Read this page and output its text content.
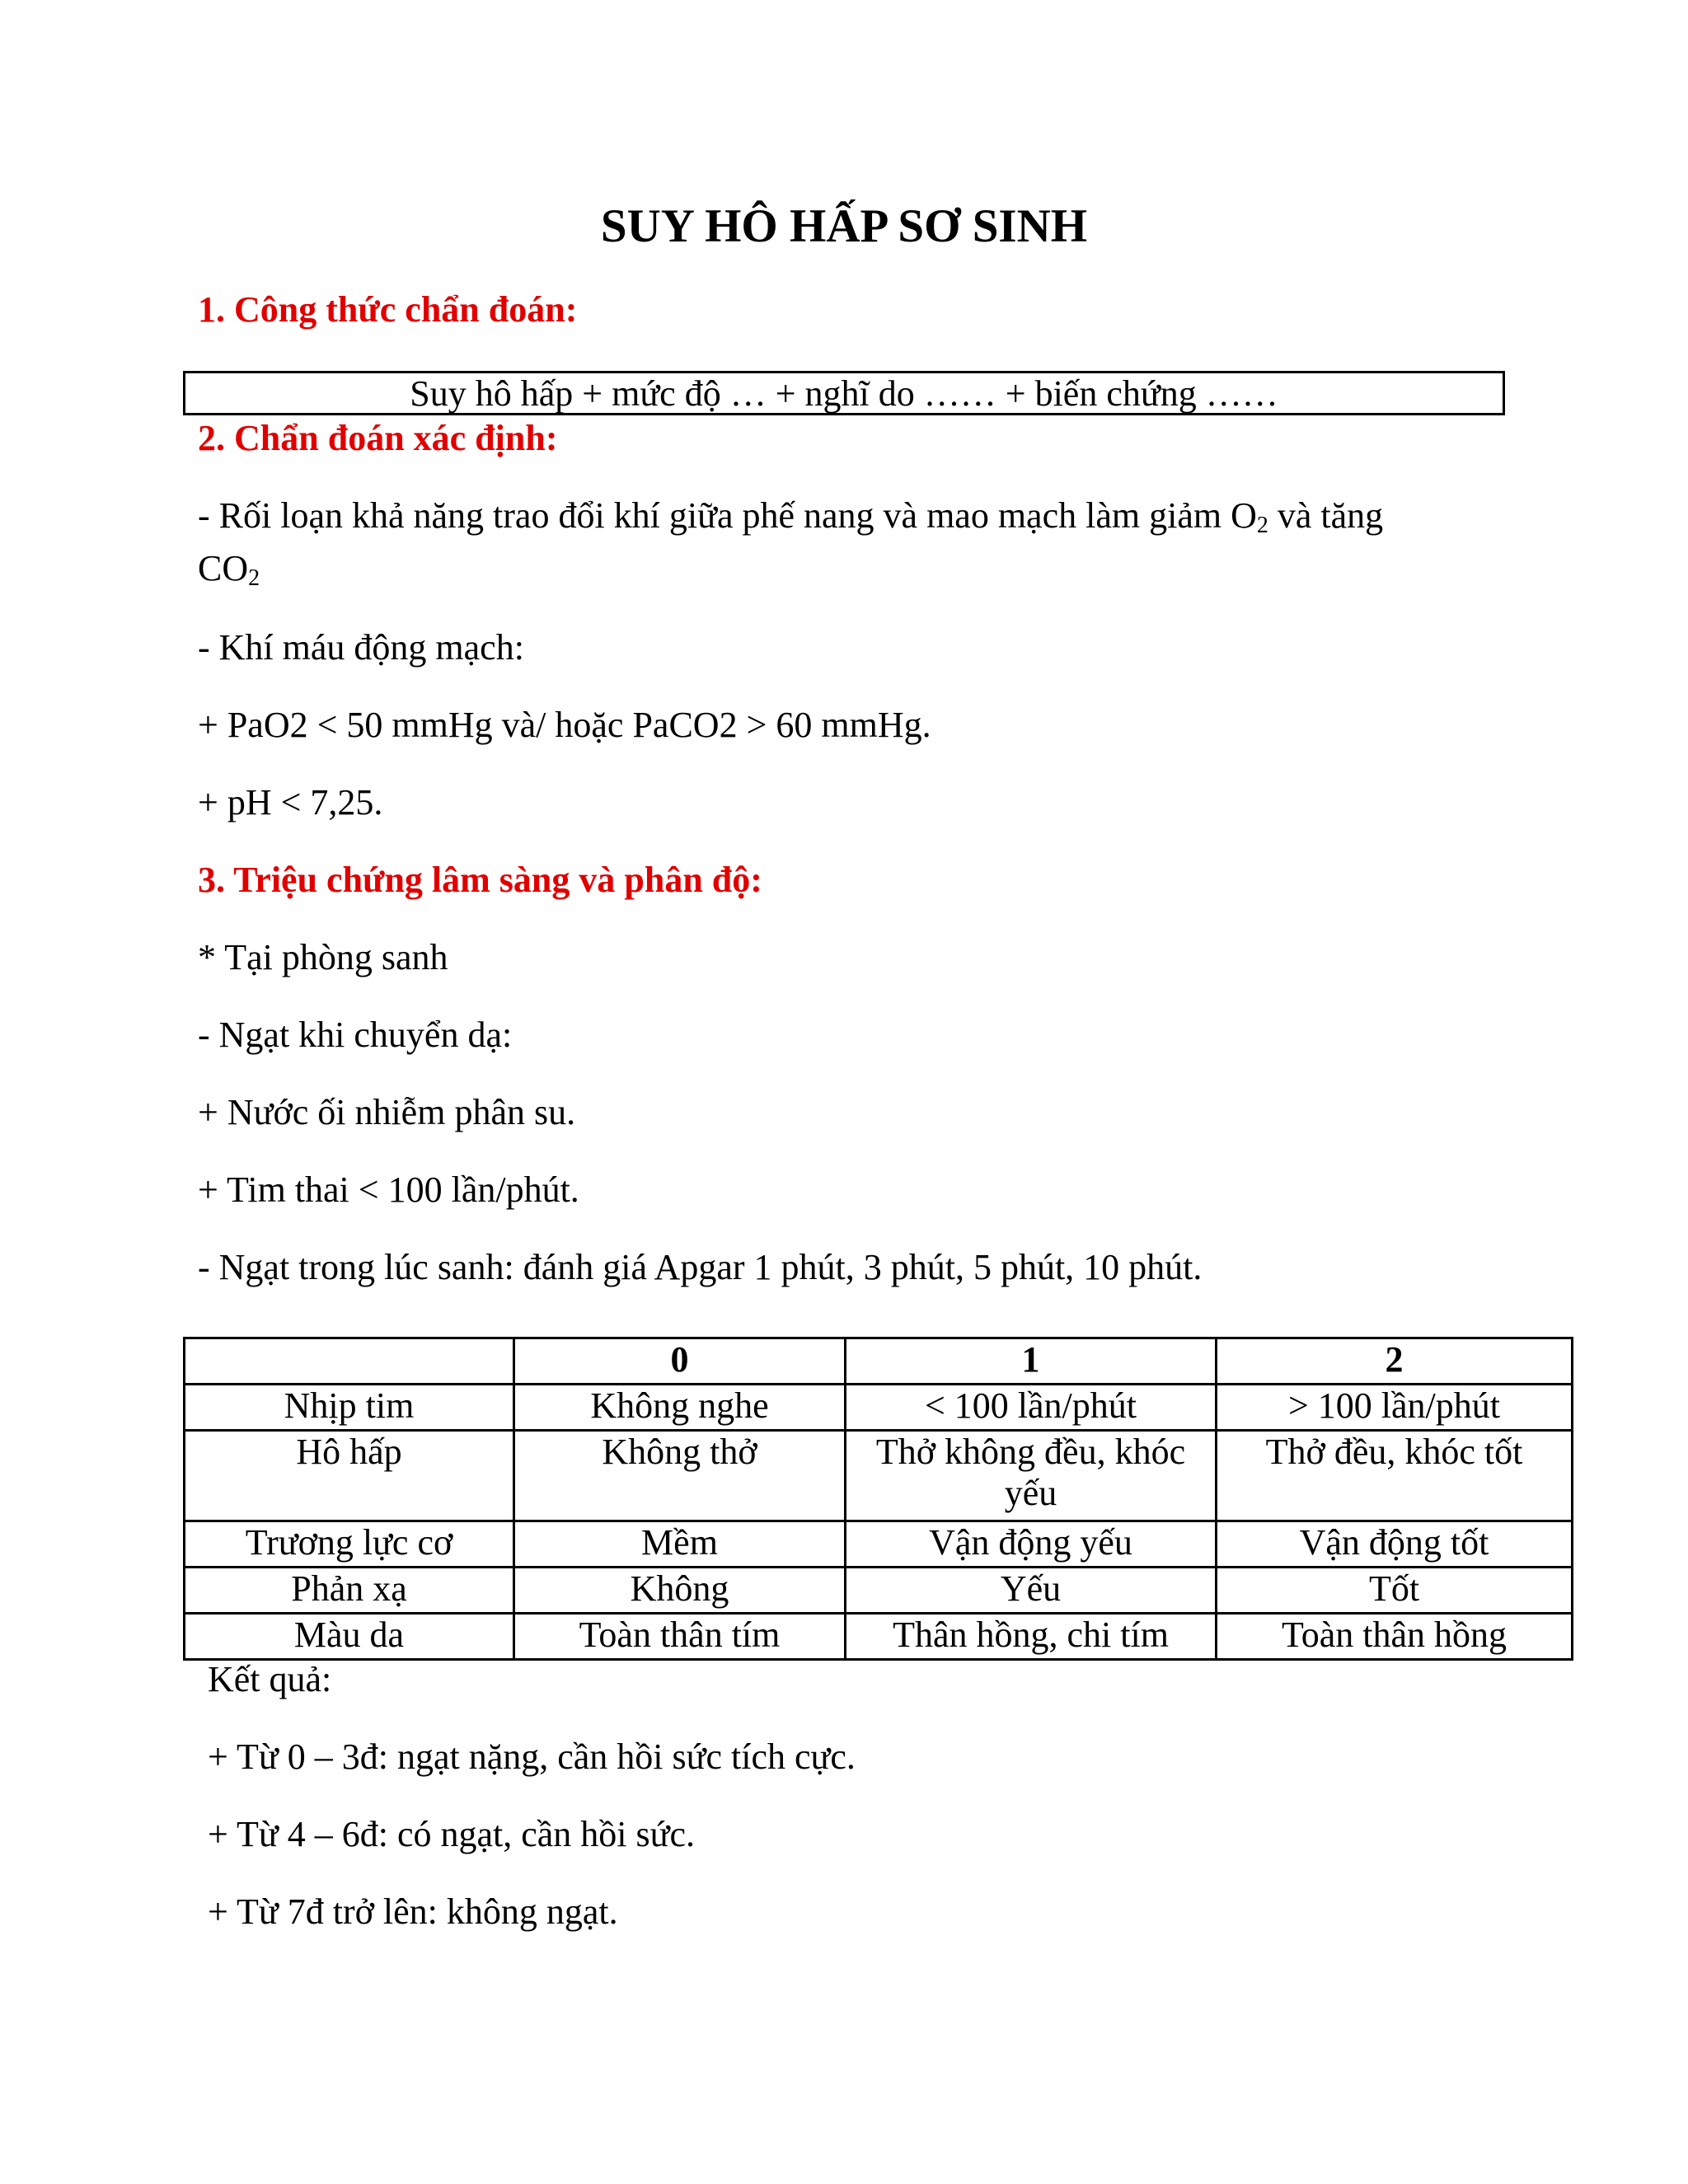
SUY HÔ HẤP SƠ SINH

1. Công thức chẩn đoán:

Suy hô hấp + mức độ … + nghĩ do …… + biến chứng ……

2. Chẩn đoán xác định:

- Rối loạn khả năng trao đổi khí giữa phế nang và mao mạch làm giảm $O_2$ và tăng

$CO_2$

- Khí máu động mạch:

+ PaO2 < 50 mmHg và/ hoặc PaCO2 > 60 mmHg.

+ pH < 7,25.

3. Triệu chứng lâm sàng và phân độ:

* Tại phòng sanh

- Ngạt khi chuyển dạ:

+ Nước ối nhiễm phân su.

+ Tim thai < 100 lần/phút.

- Ngạt trong lúc sanh: đánh giá Apgar 1 phút, 3 phút, 5 phút, 10 phút.

	0	1	2
Nhịp tim	Không nghe	< 100 lần/phút	> 100 lần/phút
Hô hấp	Không thở	Thở không đều, khóc yếu	Thở đều, khóc tốt
Trương lực cơ	Mềm	Vận động yếu	Vận động tốt
Phản xạ	Không	Yếu	Tốt
Màu da	Toàn thân tím	Thân hồng, chi tím	Toàn thân hồng

Kết quả:

+ Từ 0 – 3đ: ngạt nặng, cần hồi sức tích cực.

+ Từ 4 – 6đ: có ngạt, cần hồi sức.

+ Từ 7đ trở lên: không ngạt.
